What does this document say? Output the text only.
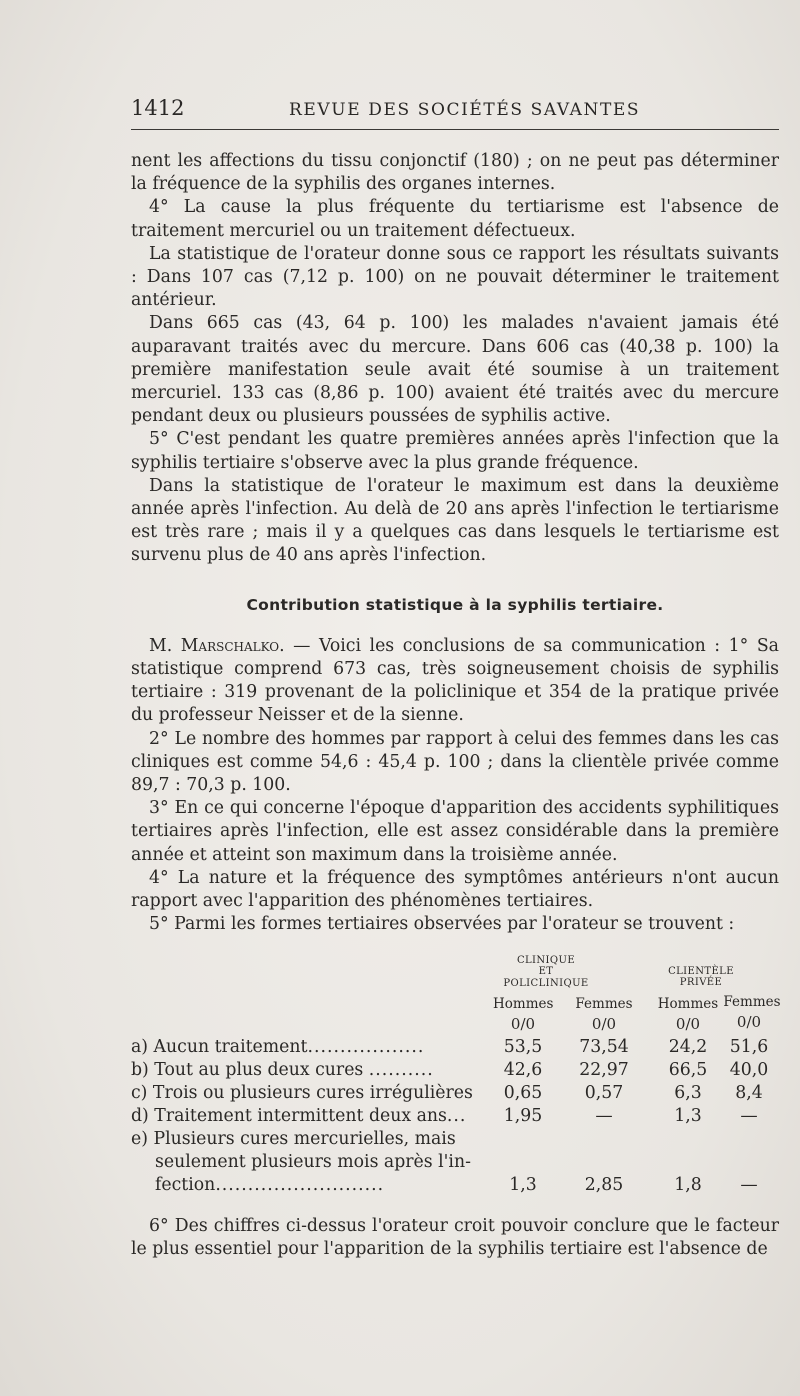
1412	REVUE DES SOCIÉTÉS SAVANTES

nent les affections du tissu conjonctif (180) ; on ne peut pas déterminer la fréquence de la syphilis des organes internes.

4° La cause la plus fréquente du tertiarisme est l'absence de traitement mercuriel ou un traitement défectueux.

La statistique de l'orateur donne sous ce rapport les résultats suivants : Dans 107 cas (7,12 p. 100) on ne pouvait déterminer le traitement antérieur.

Dans 665 cas (43, 64 p. 100) les malades n'avaient jamais été auparavant traités avec du mercure. Dans 606 cas (40,38 p. 100) la première manifestation seule avait été soumise à un traitement mercuriel. 133 cas (8,86 p. 100) avaient été traités avec du mercure pendant deux ou plusieurs poussées de syphilis active.

5° C'est pendant les quatre premières années après l'infection que la syphilis tertiaire s'observe avec la plus grande fréquence.

Dans la statistique de l'orateur le maximum est dans la deuxième année après l'infection. Au delà de 20 ans après l'infection le tertiarisme est très rare ; mais il y a quelques cas dans lesquels le tertiarisme est survenu plus de 40 ans après l'infection.

Contribution statistique à la syphilis tertiaire.

M. Marschalko. — Voici les conclusions de sa communication : 1° Sa statistique comprend 673 cas, très soigneusement choisis de syphilis tertiaire : 319 provenant de la policlinique et 354 de la pratique privée du professeur Neisser et de la sienne.

2° Le nombre des hommes par rapport à celui des femmes dans les cas cliniques est comme 54,6 : 45,4 p. 100 ; dans la clientèle privée comme 89,7 : 70,3 p. 100.

3° En ce qui concerne l'époque d'apparition des accidents syphilitiques tertiaires après l'infection, elle est assez considérable dans la première année et atteint son maximum dans la troisième année.

4° La nature et la fréquence des symptômes antérieurs n'ont aucun rapport avec l'apparition des phénomènes tertiaires.

5° Parmi les formes tertiaires observées par l'orateur se trouvent :

CLINIQUE
ET
POLICLINIQUE
CLIENTÈLE
PRIVÉE
Hommes Femmes Hommes Femmes
0/0	0/0	0/0	0/0
a) Aucun traitement..................	53,5	73,54	24,2	51,6
b) Tout au plus deux cures ..........	42,6	22,97	66,5	40,0
c) Trois ou plusieurs cures irrégulières	0,65	0,57	6,3	8,4
d) Traitement intermittent deux ans...	1,95	—	1,3	—
e) Plusieurs cures mercurielles, mais
seulement plusieurs mois après l'in-
fection..........................	1,3	2,85	1,8	—

6° Des chiffres ci-dessus l'orateur croit pouvoir conclure que le facteur le plus essentiel pour l'apparition de la syphilis tertiaire est l'absence de
